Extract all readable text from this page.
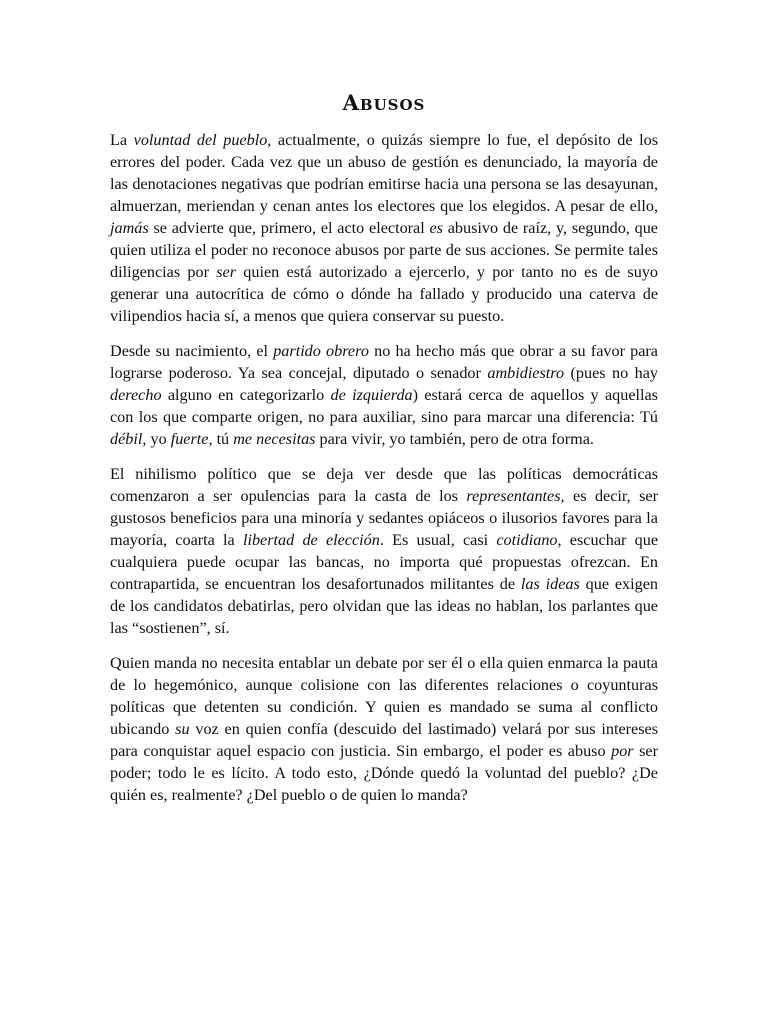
Abusos

La voluntad del pueblo, actualmente, o quizás siempre lo fue, el depósito de los errores del poder. Cada vez que un abuso de gestión es denunciado, la mayoría de las denotaciones negativas que podrían emitirse hacia una persona se las desayunan, almuerzan, meriendan y cenan antes los electores que los elegidos. A pesar de ello, jamás se advierte que, primero, el acto electoral es abusivo de raíz, y, segundo, que quien utiliza el poder no reconoce abusos por parte de sus acciones. Se permite tales diligencias por ser quien está autorizado a ejercerlo, y por tanto no es de suyo generar una autocrítica de cómo o dónde ha fallado y producido una caterva de vilipendios hacia sí, a menos que quiera conservar su puesto.

Desde su nacimiento, el partido obrero no ha hecho más que obrar a su favor para lograrse poderoso. Ya sea concejal, diputado o senador ambidiestro (pues no hay derecho alguno en categorizarlo de izquierda) estará cerca de aquellos y aquellas con los que comparte origen, no para auxiliar, sino para marcar una diferencia: Tú débil, yo fuerte, tú me necesitas para vivir, yo también, pero de otra forma.

El nihilismo político que se deja ver desde que las políticas democráticas comenzaron a ser opulencias para la casta de los representantes, es decir, ser gustosos beneficios para una minoría y sedantes opiáceos o ilusorios favores para la mayoría, coarta la libertad de elección. Es usual, casi cotidiano, escuchar que cualquiera puede ocupar las bancas, no importa qué propuestas ofrezcan. En contrapartida, se encuentran los desafortunados militantes de las ideas que exigen de los candidatos debatirlas, pero olvidan que las ideas no hablan, los parlantes que las “sostienen”, sí.

Quien manda no necesita entablar un debate por ser él o ella quien enmarca la pauta de lo hegemónico, aunque colisione con las diferentes relaciones o coyunturas políticas que detenten su condición. Y quien es mandado se suma al conflicto ubicando su voz en quien confía (descuido del lastimado) velará por sus intereses para conquistar aquel espacio con justicia. Sin embargo, el poder es abuso por ser poder; todo le es lícito. A todo esto, ¿Dónde quedó la voluntad del pueblo? ¿De quién es, realmente? ¿Del pueblo o de quien lo manda?
